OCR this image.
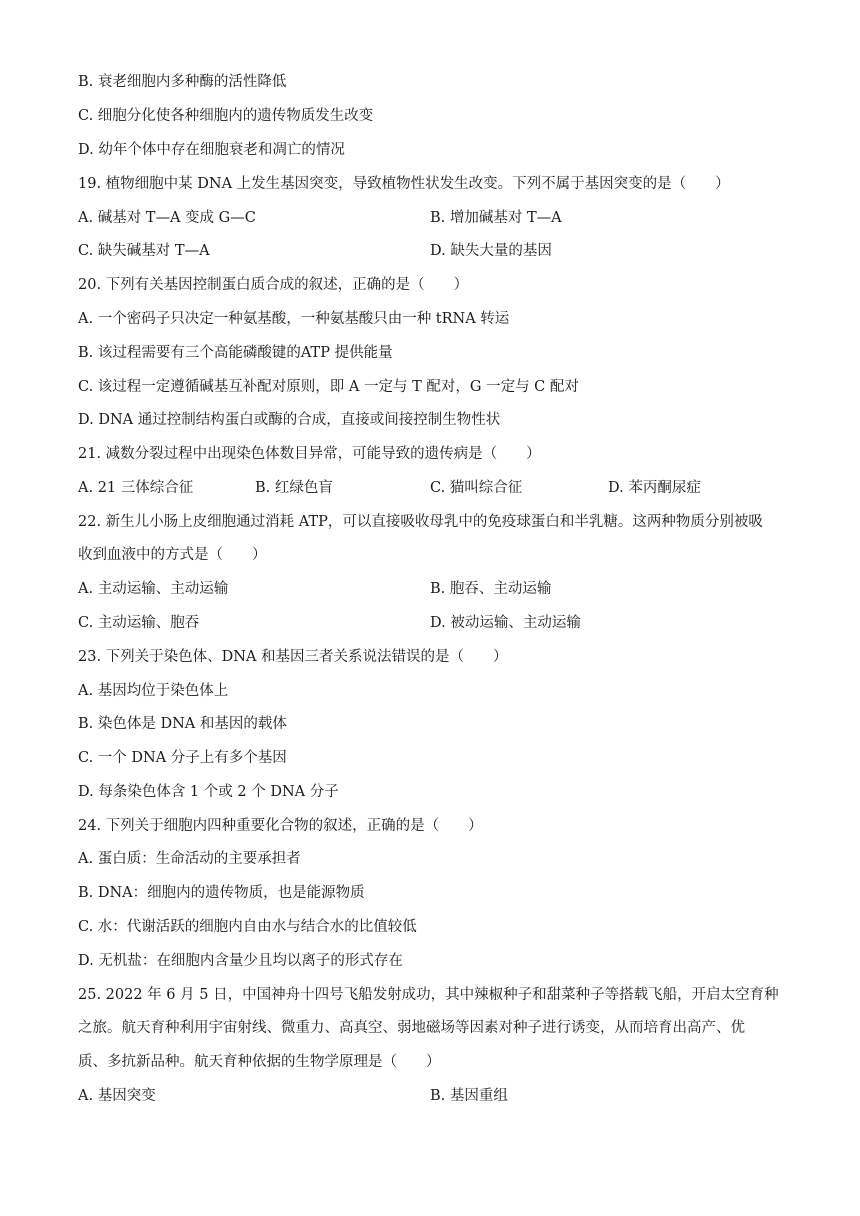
B. 衰老细胞内多种酶的活性降低
C. 细胞分化使各种细胞内的遗传物质发生改变
D. 幼年个体中存在细胞衰老和凋亡的情况
19. 植物细胞中某 DNA 上发生基因突变，导致植物性状发生改变。下列不属于基因突变的是（　　）
A. 碱基对 T—A 变成 G—C	B. 增加碱基对 T—A
C. 缺失碱基对 T—A	D. 缺失大量的基因
20. 下列有关基因控制蛋白质合成的叙述，正确的是（　　）
A. 一个密码子只决定一种氨基酸，一种氨基酸只由一种 tRNA 转运
B. 该过程需要有三个高能磷酸键的ATP 提供能量
C. 该过程一定遵循碱基互补配对原则，即 A 一定与 T 配对，G 一定与 C 配对
D. DNA 通过控制结构蛋白或酶的合成，直接或间接控制生物性状
21. 减数分裂过程中出现染色体数目异常，可能导致的遗传病是（　　）
A. 21 三体综合征	B. 红绿色盲	C. 猫叫综合征	D. 苯丙酮尿症
22. 新生儿小肠上皮细胞通过消耗 ATP，可以直接吸收母乳中的免疫球蛋白和半乳糖。这两种物质分别被吸
收到血液中的方式是（　　）
A. 主动运输、主动运输	B. 胞吞、主动运输
C. 主动运输、胞吞	D. 被动运输、主动运输
23. 下列关于染色体、DNA 和基因三者关系说法错误的是（　　）
A. 基因均位于染色体上
B. 染色体是 DNA 和基因的载体
C. 一个 DNA 分子上有多个基因
D. 每条染色体含 1 个或 2 个 DNA 分子
24. 下列关于细胞内四种重要化合物的叙述，正确的是（　　）
A. 蛋白质：生命活动的主要承担者
B. DNA：细胞内的遗传物质，也是能源物质
C. 水：代谢活跃的细胞内自由水与结合水的比值较低
D. 无机盐：在细胞内含量少且均以离子的形式存在
25. 2022 年 6 月 5 日，中国神舟十四号飞船发射成功，其中辣椒种子和甜菜种子等搭载飞船，开启太空育种
之旅。航天育种利用宇宙射线、微重力、高真空、弱地磁场等因素对种子进行诱变，从而培育出高产、优
质、多抗新品种。航天育种依据的生物学原理是（　　）
A. 基因突变	B. 基因重组
